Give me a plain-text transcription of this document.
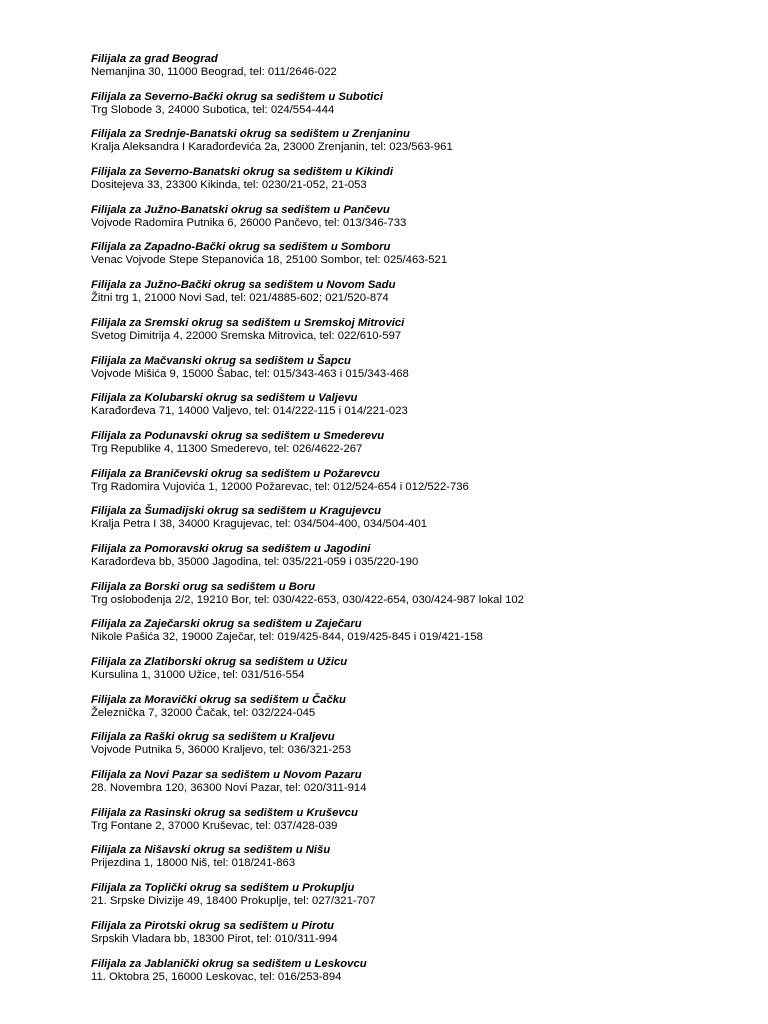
Filijala za grad Beograd
Nemanjina 30, 11000 Beograd, tel: 011/2646-022
Filijala za Severno-Bački okrug sa sedištem u Subotici
Trg Slobode 3, 24000 Subotica, tel: 024/554-444
Filijala za Srednje-Banatski okrug sa sedištem u Zrenjaninu
Kralja Aleksandra I Karađorđevića 2a, 23000 Zrenjanin, tel: 023/563-961
Filijala za Severno-Banatski okrug sa sedištem u Kikindi
Dositejeva 33, 23300 Kikinda, tel: 0230/21-052, 21-053
Filijala za Južno-Banatski okrug sa sedištem u Pančevu
Vojvode Radomira Putnika 6, 26000 Pančevo, tel: 013/346-733
Filijala za Zapadno-Bački okrug sa sedištem u Somboru
Venac Vojvode Stepe Stepanovića 18, 25100 Sombor, tel: 025/463-521
Filijala za Južno-Bački okrug sa sedištem u Novom Sadu
Žitni trg 1, 21000 Novi Sad, tel: 021/4885-602; 021/520-874
Filijala za Sremski okrug sa sedištem u Sremskoj Mitrovici
Svetog Dimitrija 4, 22000 Sremska Mitrovica, tel: 022/610-597
Filijala za Mačvanski okrug sa sedištem u Šapcu
Vojvode Mišića 9, 15000 Šabac, tel: 015/343-463 i 015/343-468
Filijala za Kolubarski okrug sa sedištem u Valjevu
Karađorđeva 71, 14000 Valjevo, tel: 014/222-115 i 014/221-023
Filijala za Podunavski okrug sa sedištem u Smederevu
Trg Republike 4, 11300 Smederevo, tel: 026/4622-267
Filijala za Braničevski okrug sa sedištem u Požarevcu
Trg Radomira Vujovića 1, 12000 Požarevac, tel: 012/524-654 i 012/522-736
Filijala za Šumadijski okrug sa sedištem u Kragujevcu
Kralja Petra I 38, 34000 Kragujevac, tel: 034/504-400, 034/504-401
Filijala za Pomoravski okrug sa sedištem u Jagodini
Karađorđeva bb, 35000 Jagodina, tel: 035/221-059 i 035/220-190
Filijala za Borski orug sa sedištem u Boru
Trg oslobođenja 2/2, 19210 Bor, tel: 030/422-653, 030/422-654, 030/424-987 lokal 102
Filijala za Zaječarski okrug sa sedištem u Zaječaru
Nikole Pašića 32, 19000 Zaječar, tel: 019/425-844, 019/425-845 i 019/421-158
Filijala za Zlatiborski okrug sa sedištem u Užicu
Kursulina 1, 31000 Užice, tel: 031/516-554
Filijala za Moravički okrug sa sedištem u Čačku
Železnička 7, 32000 Čačak, tel: 032/224-045
Filijala za Raški okrug sa sedištem u Kraljevu
Vojvode Putnika 5, 36000 Kraljevo, tel: 036/321-253
Filijala za Novi Pazar sa sedištem u Novom Pazaru
28. Novembra 120, 36300 Novi Pazar, tel: 020/311-914
Filijala za Rasinski okrug sa sedištem u Kruševcu
Trg Fontane 2, 37000 Kruševac, tel: 037/428-039
Filijala za Nišavski okrug sa sedištem u Nišu
Prijezdina 1, 18000 Niš, tel: 018/241-863
Filijala za Toplički okrug sa sedištem u Prokuplju
21. Srpske Divizije 49, 18400 Prokuplje, tel: 027/321-707
Filijala za Pirotski okrug sa sedištem u Pirotu
Srpskih Vladara bb, 18300 Pirot, tel: 010/311-994
Filijala za Jablanički okrug sa sedištem u Leskovcu
11. Oktobra 25, 16000 Leskovac, tel: 016/253-894
